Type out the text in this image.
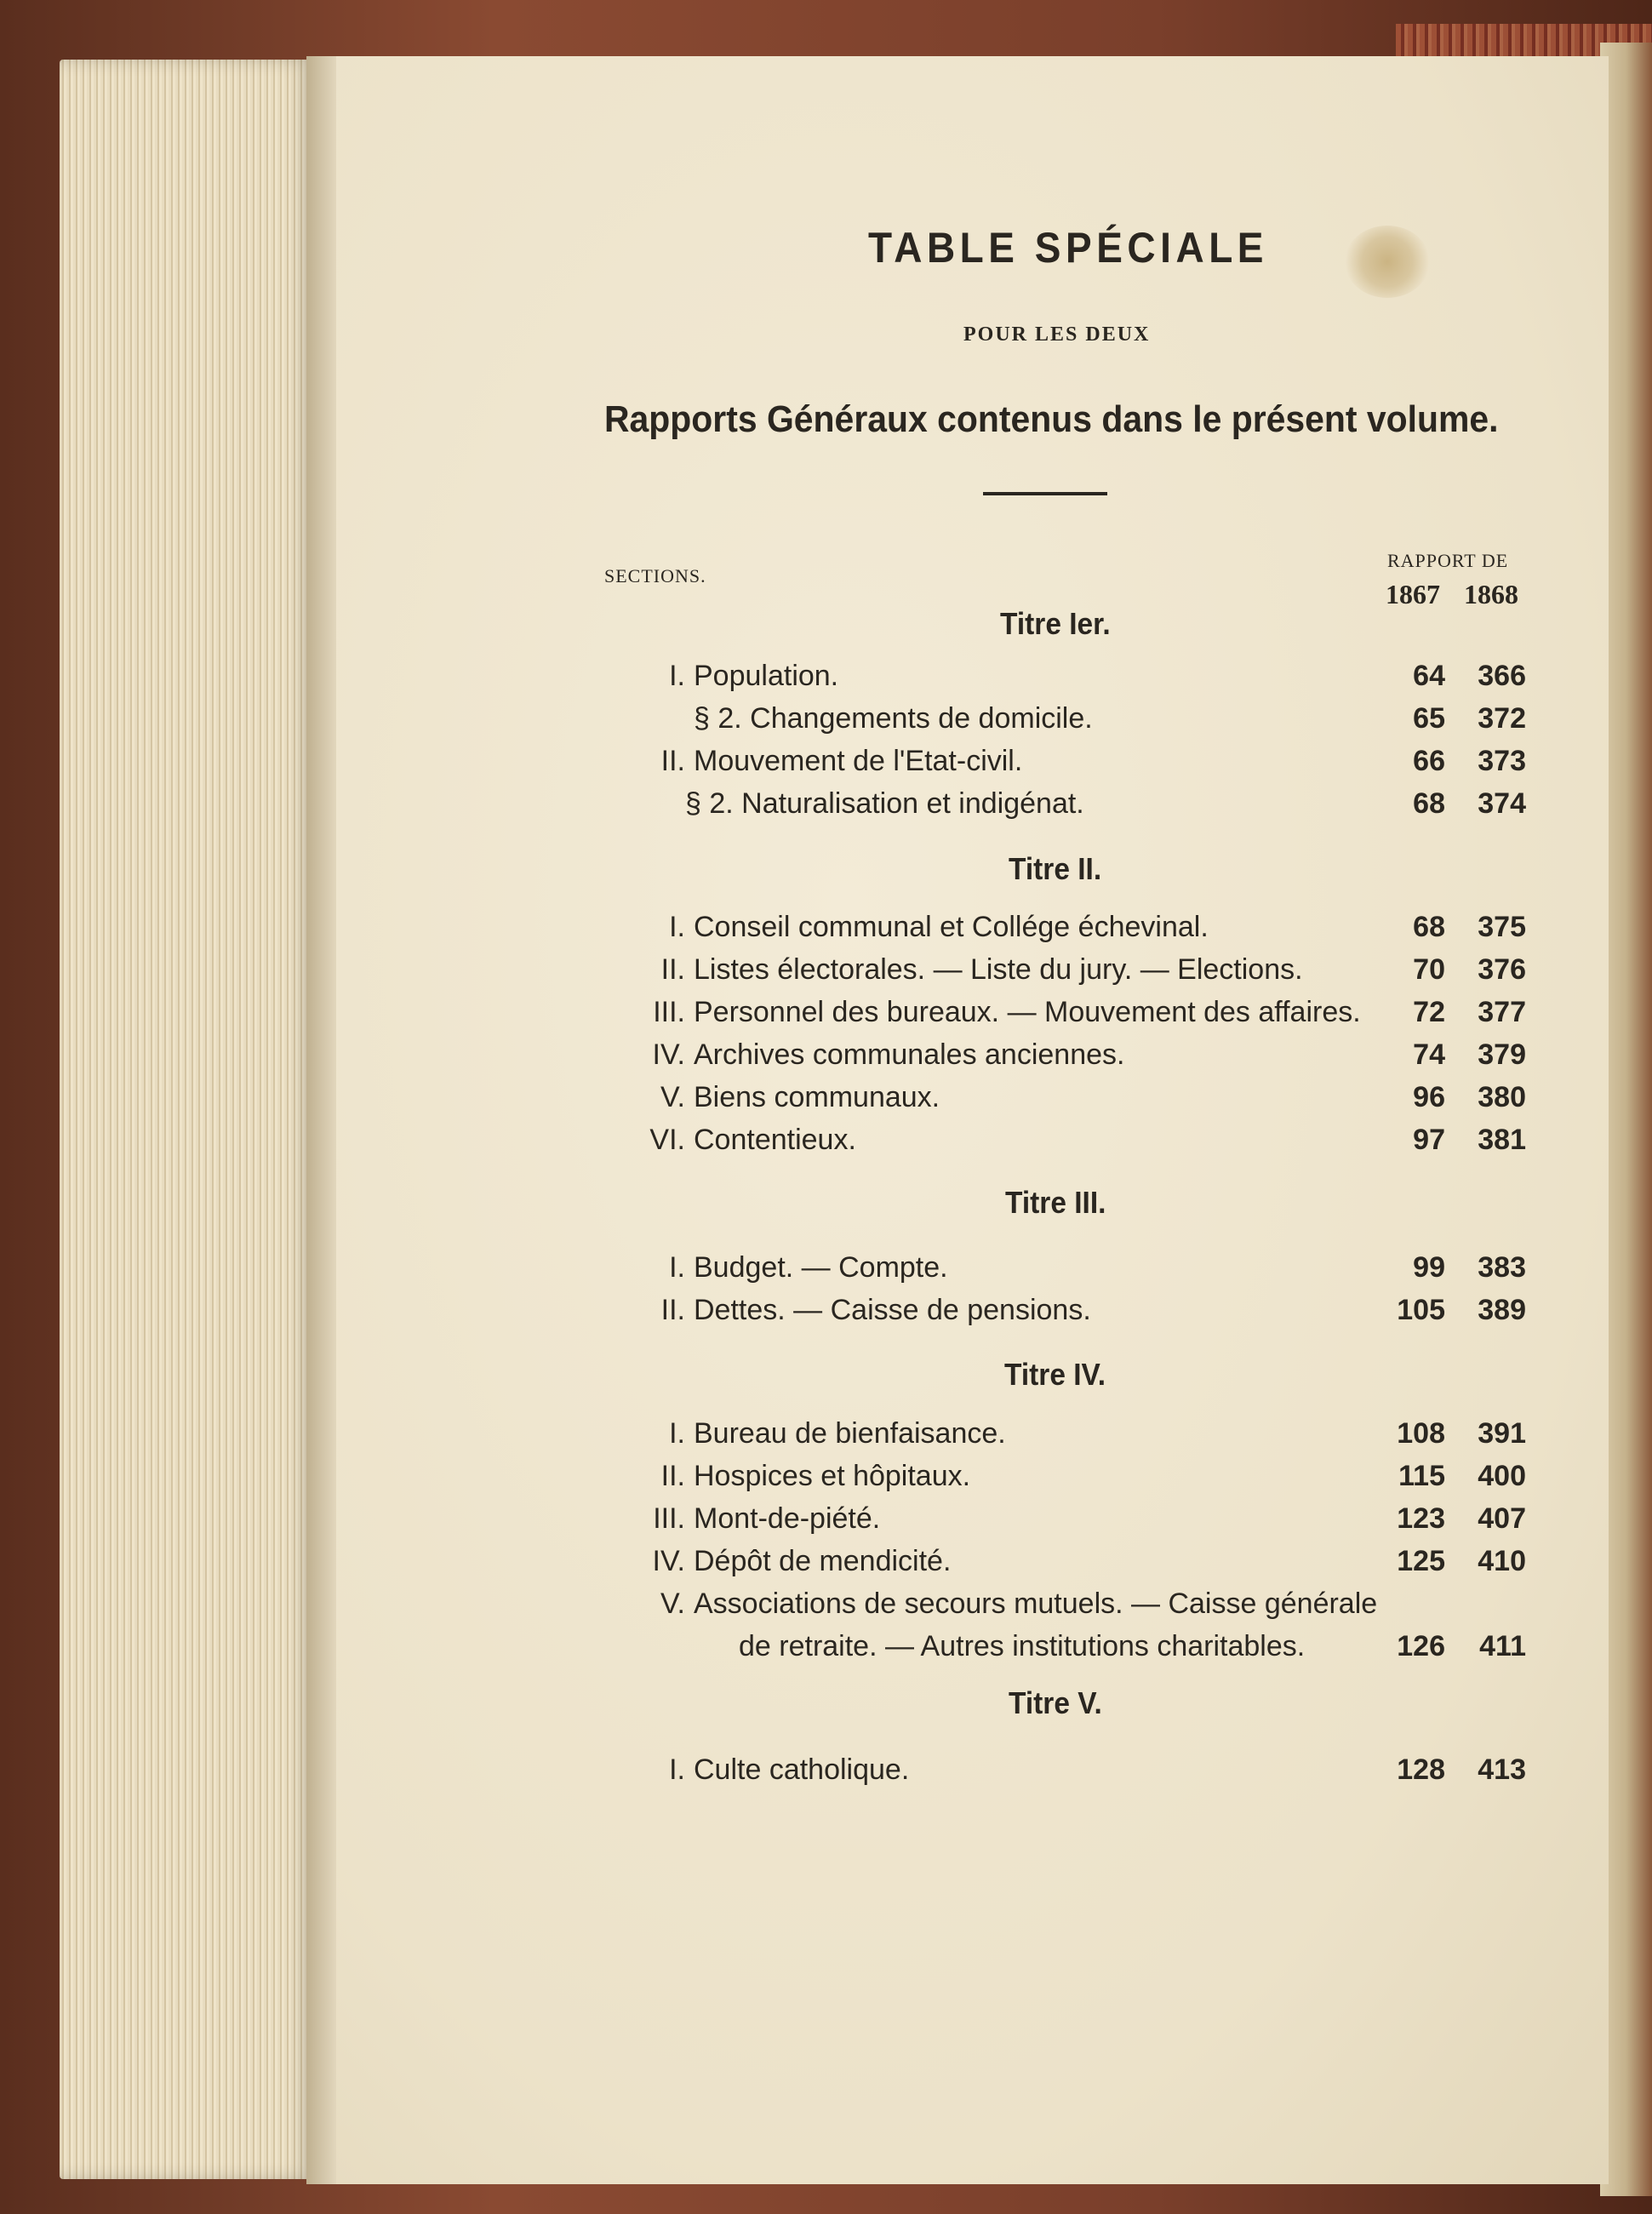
TABLE SPÉCIALE
POUR LES DEUX
Rapports Généraux contenus dans le présent volume.
SECTIONS.
RAPPORT DE
1867 1868
Titre Ier.
I. Population.	64	366
§ 2. Changements de domicile.	65	372
II. Mouvement de l'Etat-civil.	66	373
§ 2. Naturalisation et indigénat.	68	374
Titre II.
I. Conseil communal et Collége échevinal.	68	375
II. Listes électorales. — Liste du jury. — Elections.	70	376
III. Personnel des bureaux. — Mouvement des affaires.	72	377
IV. Archives communales anciennes.	74	379
V. Biens communaux.	96	380
VI. Contentieux.	97	381
Titre III.
I. Budget. — Compte.	99	383
II. Dettes. — Caisse de pensions.	105	389
Titre IV.
I. Bureau de bienfaisance.	108	391
II. Hospices et hôpitaux.	115	400
III. Mont-de-piété.	123	407
IV. Dépôt de mendicité.	125	410
V. Associations de secours mutuels. — Caisse générale
de retraite. — Autres institutions charitables.	126	411
Titre V.
I. Culte catholique.	128	413
